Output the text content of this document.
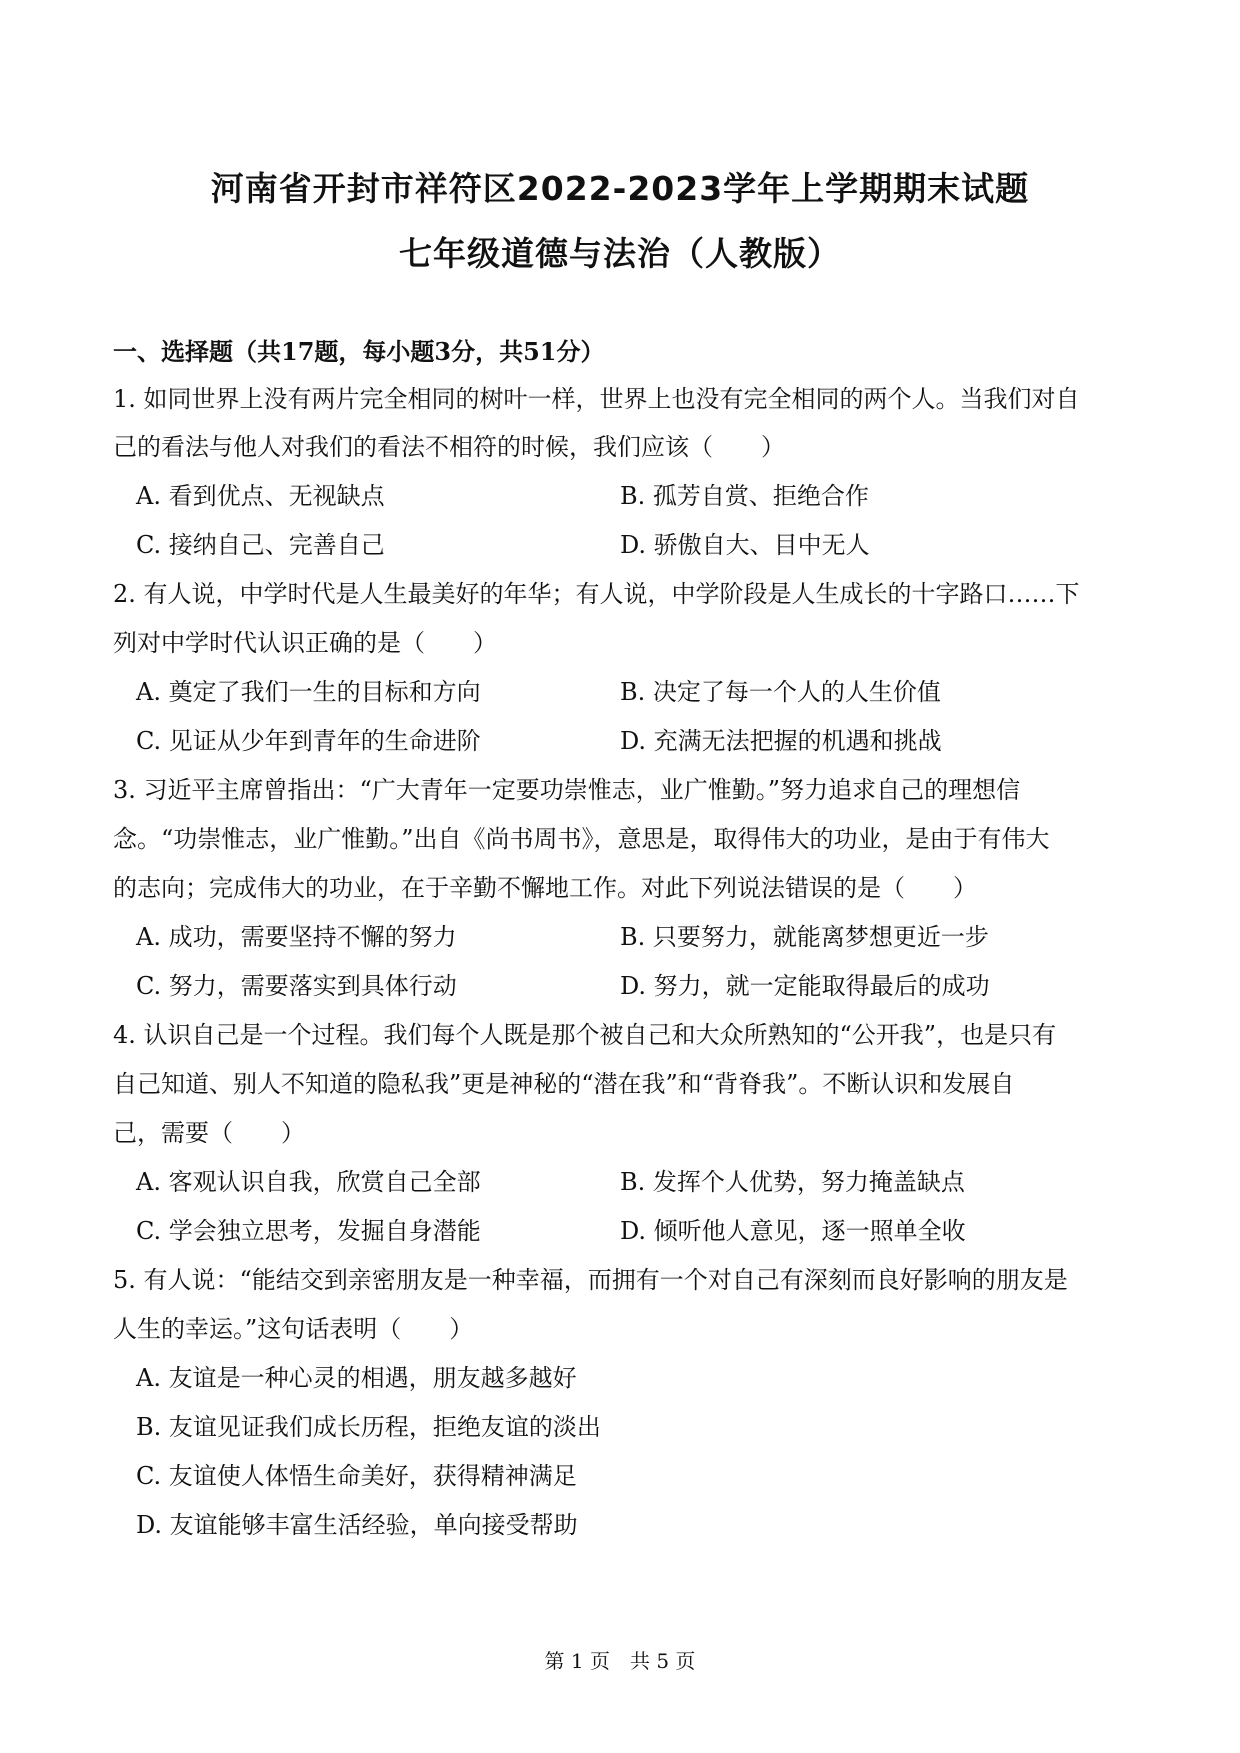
河南省开封市祥符区2022-2023学年上学期期末试题
七年级道德与法治（人教版）
一、选择题（共17题，每小题3分，共51分）
1. 如同世界上没有两片完全相同的树叶一样，世界上也没有完全相同的两个人。当我们对自
己的看法与他人对我们的看法不相符的时候，我们应该（　　）
A. 看到优点、无视缺点	B. 孤芳自赏、拒绝合作
C. 接纳自己、完善自己	D. 骄傲自大、目中无人
2. 有人说，中学时代是人生最美好的年华；有人说，中学阶段是人生成长的十字路口……下
列对中学时代认识正确的是（　　）
A. 奠定了我们一生的目标和方向	B. 决定了每一个人的人生价值
C. 见证从少年到青年的生命进阶	D. 充满无法把握的机遇和挑战
3. 习近平主席曾指出：“广大青年一定要功崇惟志，业广惟勤。”努力追求自己的理想信
念。“功崇惟志，业广惟勤。”出自《尚书周书》，意思是，取得伟大的功业，是由于有伟大
的志向；完成伟大的功业，在于辛勤不懈地工作。对此下列说法错误的是（　　）
A. 成功，需要坚持不懈的努力	B. 只要努力，就能离梦想更近一步
C. 努力，需要落实到具体行动	D. 努力，就一定能取得最后的成功
4. 认识自己是一个过程。我们每个人既是那个被自己和大众所熟知的“公开我”，也是只有
自己知道、别人不知道的隐私我”更是神秘的“潜在我”和“背脊我”。不断认识和发展自
己，需要（　　）
A. 客观认识自我，欣赏自己全部	B. 发挥个人优势，努力掩盖缺点
C. 学会独立思考，发掘自身潜能	D. 倾听他人意见，逐一照单全收
5. 有人说：“能结交到亲密朋友是一种幸福，而拥有一个对自己有深刻而良好影响的朋友是
人生的幸运。”这句话表明（　　）
A. 友谊是一种心灵的相遇，朋友越多越好
B. 友谊见证我们成长历程，拒绝友谊的淡出
C. 友谊使人体悟生命美好，获得精神满足
D. 友谊能够丰富生活经验，单向接受帮助
第 1 页　共 5 页
